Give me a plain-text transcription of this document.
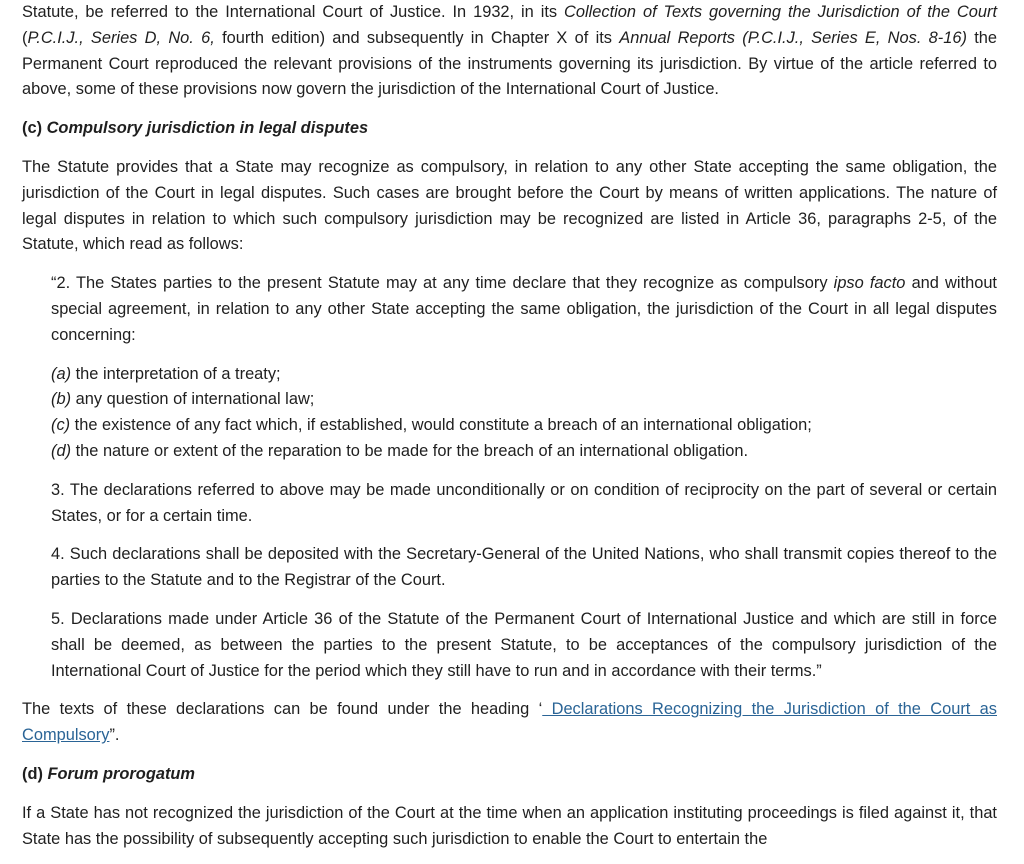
Statute, be referred to the International Court of Justice. In 1932, in its Collection of Texts governing the Jurisdiction of the Court (P.C.I.J., Series D, No. 6, fourth edition) and subsequently in Chapter X of its Annual Reports (P.C.I.J., Series E, Nos. 8-16) the Permanent Court reproduced the relevant provisions of the instruments governing its jurisdiction. By virtue of the article referred to above, some of these provisions now govern the jurisdiction of the International Court of Justice.

(c) Compulsory jurisdiction in legal disputes

The Statute provides that a State may recognize as compulsory, in relation to any other State accepting the same obligation, the jurisdiction of the Court in legal disputes. Such cases are brought before the Court by means of written applications. The nature of legal disputes in relation to which such compulsory jurisdiction may be recognized are listed in Article 36, paragraphs 2-5, of the Statute, which read as follows:

“2. The States parties to the present Statute may at any time declare that they recognize as compulsory ipso facto and without special agreement, in relation to any other State accepting the same obligation, the jurisdiction of the Court in all legal disputes concerning:

(a) the interpretation of a treaty;
(b) any question of international law;
(c) the existence of any fact which, if established, would constitute a breach of an international obligation;
(d) the nature or extent of the reparation to be made for the breach of an international obligation.

3. The declarations referred to above may be made unconditionally or on condition of reciprocity on the part of several or certain States, or for a certain time.

4. Such declarations shall be deposited with the Secretary-General of the United Nations, who shall transmit copies thereof to the parties to the Statute and to the Registrar of the Court.

5. Declarations made under Article 36 of the Statute of the Permanent Court of International Justice and which are still in force shall be deemed, as between the parties to the present Statute, to be acceptances of the compulsory jurisdiction of the International Court of Justice for the period which they still have to run and in accordance with their terms.”

The texts of these declarations can be found under the heading ‘ Declarations Recognizing the Jurisdiction of the Court as Compulsory”.

(d) Forum prorogatum

If a State has not recognized the jurisdiction of the Court at the time when an application instituting proceedings is filed against it, that State has the possibility of subsequently accepting such jurisdiction to enable the Court to entertain the
